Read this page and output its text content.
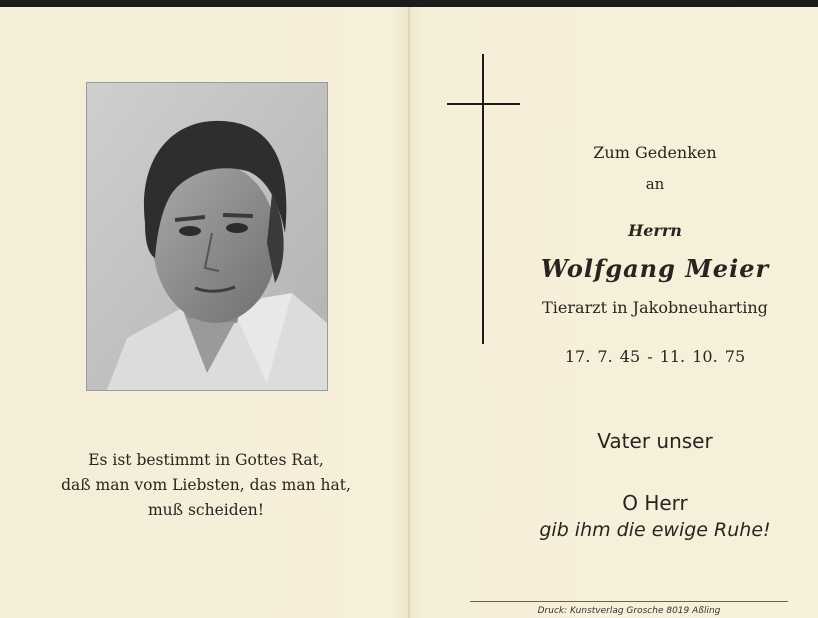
Es ist bestimmt in Gottes Rat,
daß man vom Liebsten, das man hat,
muß scheiden!
Zum Gedenken
an
Herrn
Wolfgang Meier
Tierarzt in Jakobneuharting
17. 7. 45 - 11. 10. 75
Vater unser
O Herr
gib ihm die ewige Ruhe!
Druck: Kunstverlag Grosche 8019 Aßling
